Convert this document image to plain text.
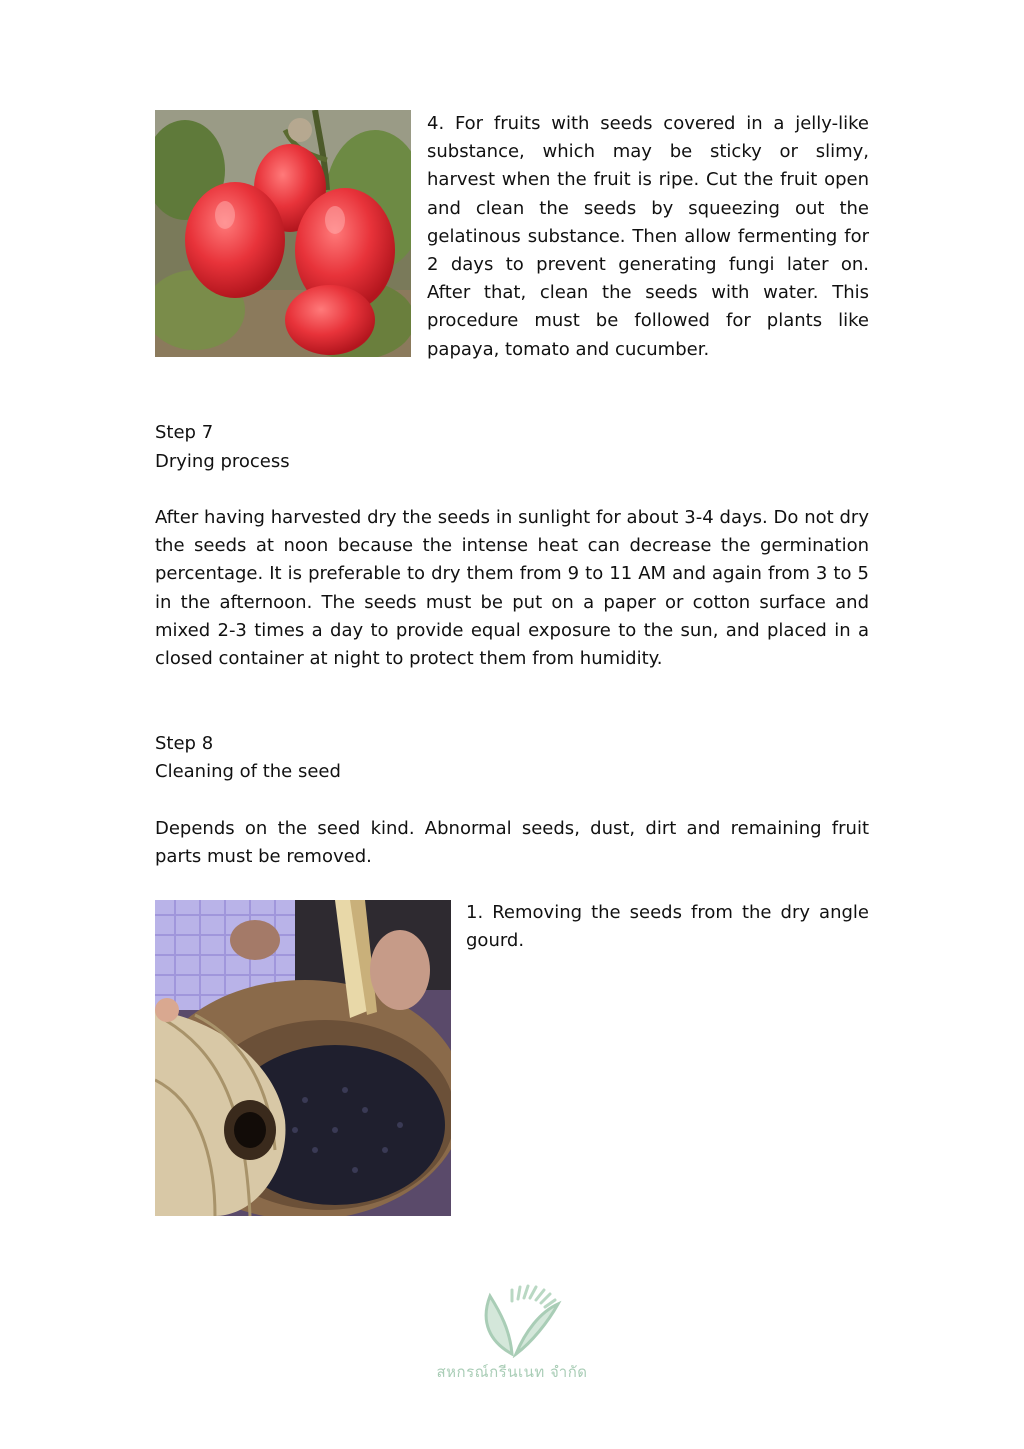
4. For fruits with seeds covered in a jelly-like substance, which may be sticky or slimy, harvest when the fruit is ripe. Cut the fruit open and clean the seeds by squeezing out the gelatinous substance. Then allow fermenting for 2 days to prevent generating fungi later on. After that, clean the seeds with water. This procedure must be followed for plants like papaya, tomato and cucumber.

Step 7

Drying process

After having harvested dry the seeds in sunlight for about 3-4 days. Do not dry the seeds at noon because the intense heat can decrease the germination percentage. It is preferable to dry them from 9 to 11 AM and again from 3 to 5 in the afternoon. The seeds must be put on a paper or cotton surface and mixed 2-3 times a day to provide equal exposure to the sun, and placed in a closed container at night to protect them from humidity.

Step 8

Cleaning of the seed

Depends on the seed kind. Abnormal seeds, dust, dirt and remaining fruit parts must be removed.

1. Removing the seeds from the dry angle gourd.

สหกรณ์กรีนเนท จำกัด
